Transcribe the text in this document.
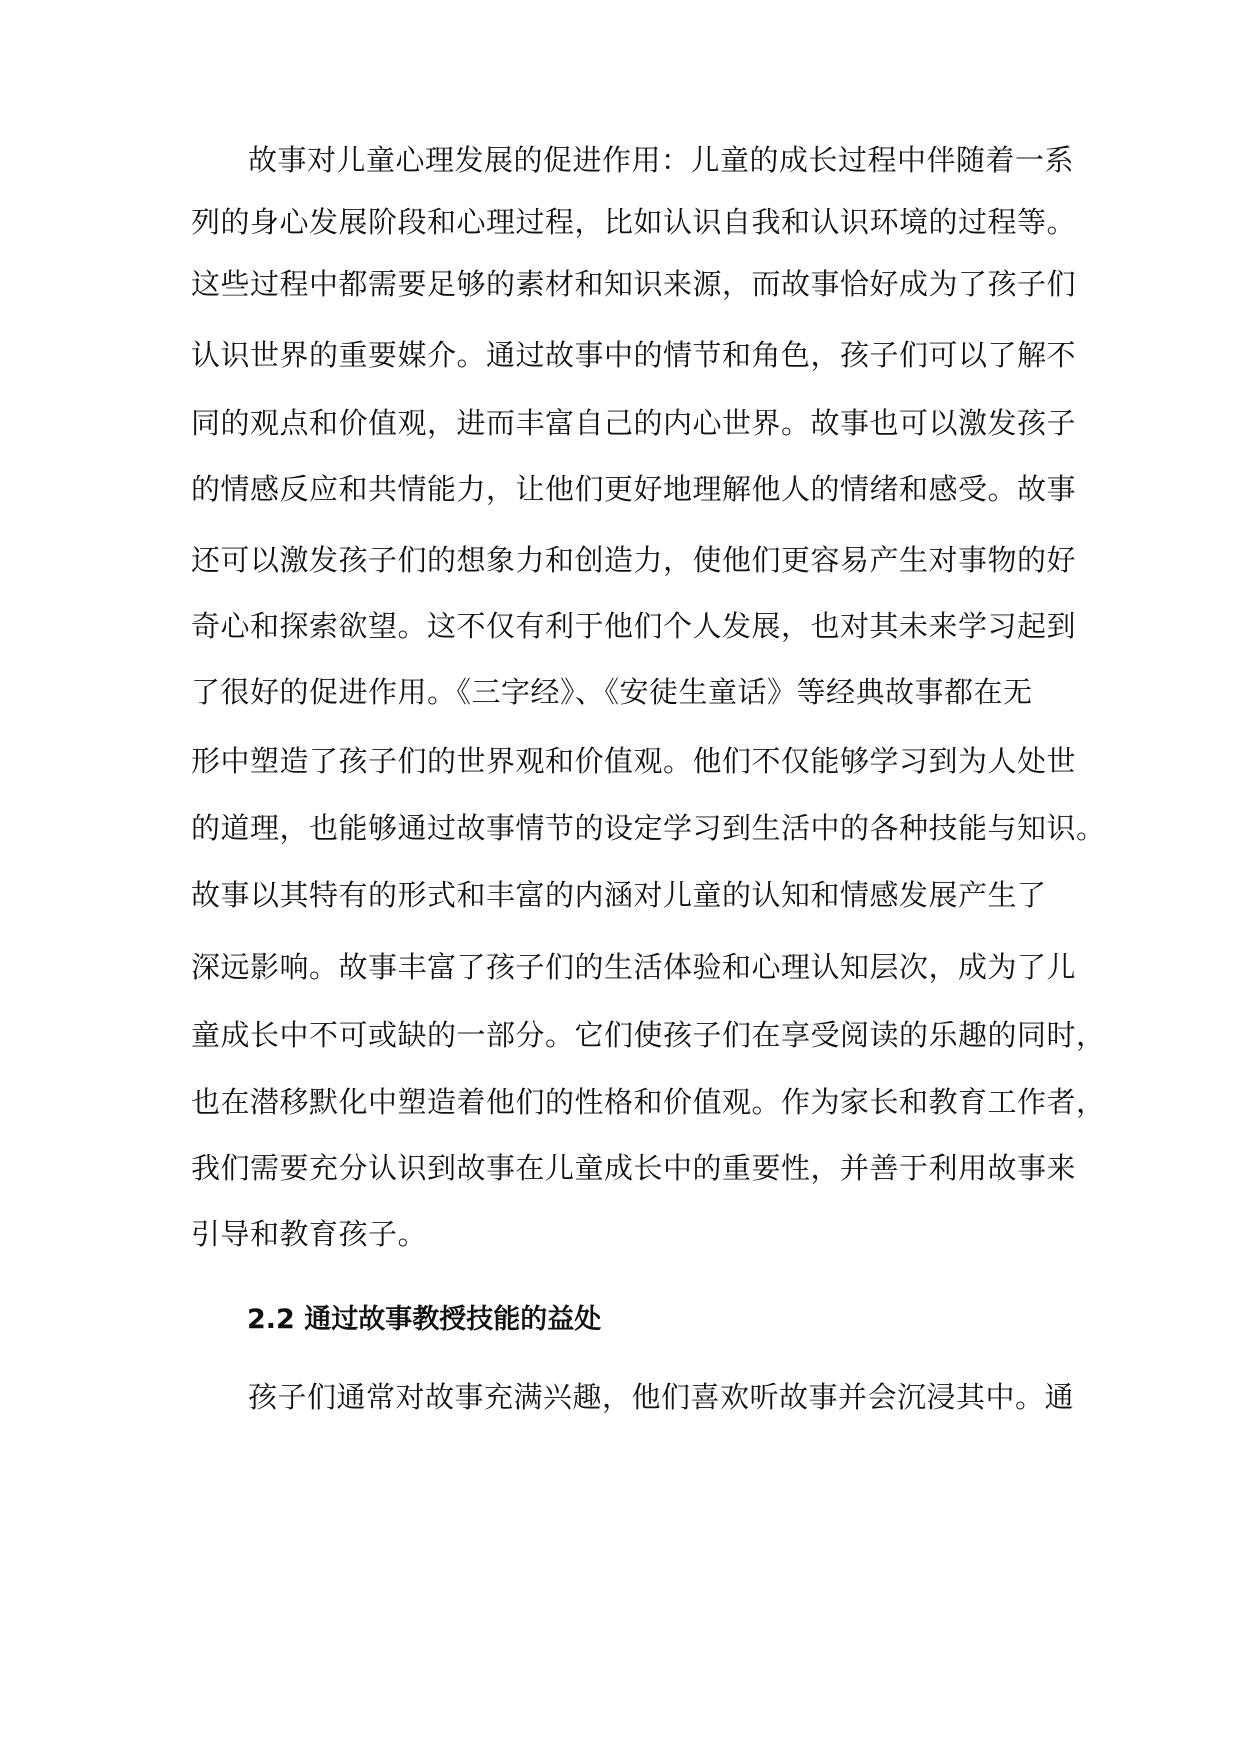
故事对儿童心理发展的促进作用：儿童的成长过程中伴随着一系
列的身心发展阶段和心理过程，比如认识自我和认识环境的过程等。
这些过程中都需要足够的素材和知识来源，而故事恰好成为了孩子们
认识世界的重要媒介。通过故事中的情节和角色，孩子们可以了解不
同的观点和价值观，进而丰富自己的内心世界。故事也可以激发孩子
的情感反应和共情能力，让他们更好地理解他人的情绪和感受。故事
还可以激发孩子们的想象力和创造力，使他们更容易产生对事物的好
奇心和探索欲望。这不仅有利于他们个人发展，也对其未来学习起到
了很好的促进作用。《三字经》、《安徒生童话》等经典故事都在无
形中塑造了孩子们的世界观和价值观。他们不仅能够学习到为人处世
的道理，也能够通过故事情节的设定学习到生活中的各种技能与知识。
故事以其特有的形式和丰富的内涵对儿童的认知和情感发展产生了
深远影响。故事丰富了孩子们的生活体验和心理认知层次，成为了儿
童成长中不可或缺的一部分。它们使孩子们在享受阅读的乐趣的同时，
也在潜移默化中塑造着他们的性格和价值观。作为家长和教育工作者，
我们需要充分认识到故事在儿童成长中的重要性，并善于利用故事来
引导和教育孩子。
2.2 通过故事教授技能的益处
孩子们通常对故事充满兴趣，他们喜欢听故事并会沉浸其中。通
